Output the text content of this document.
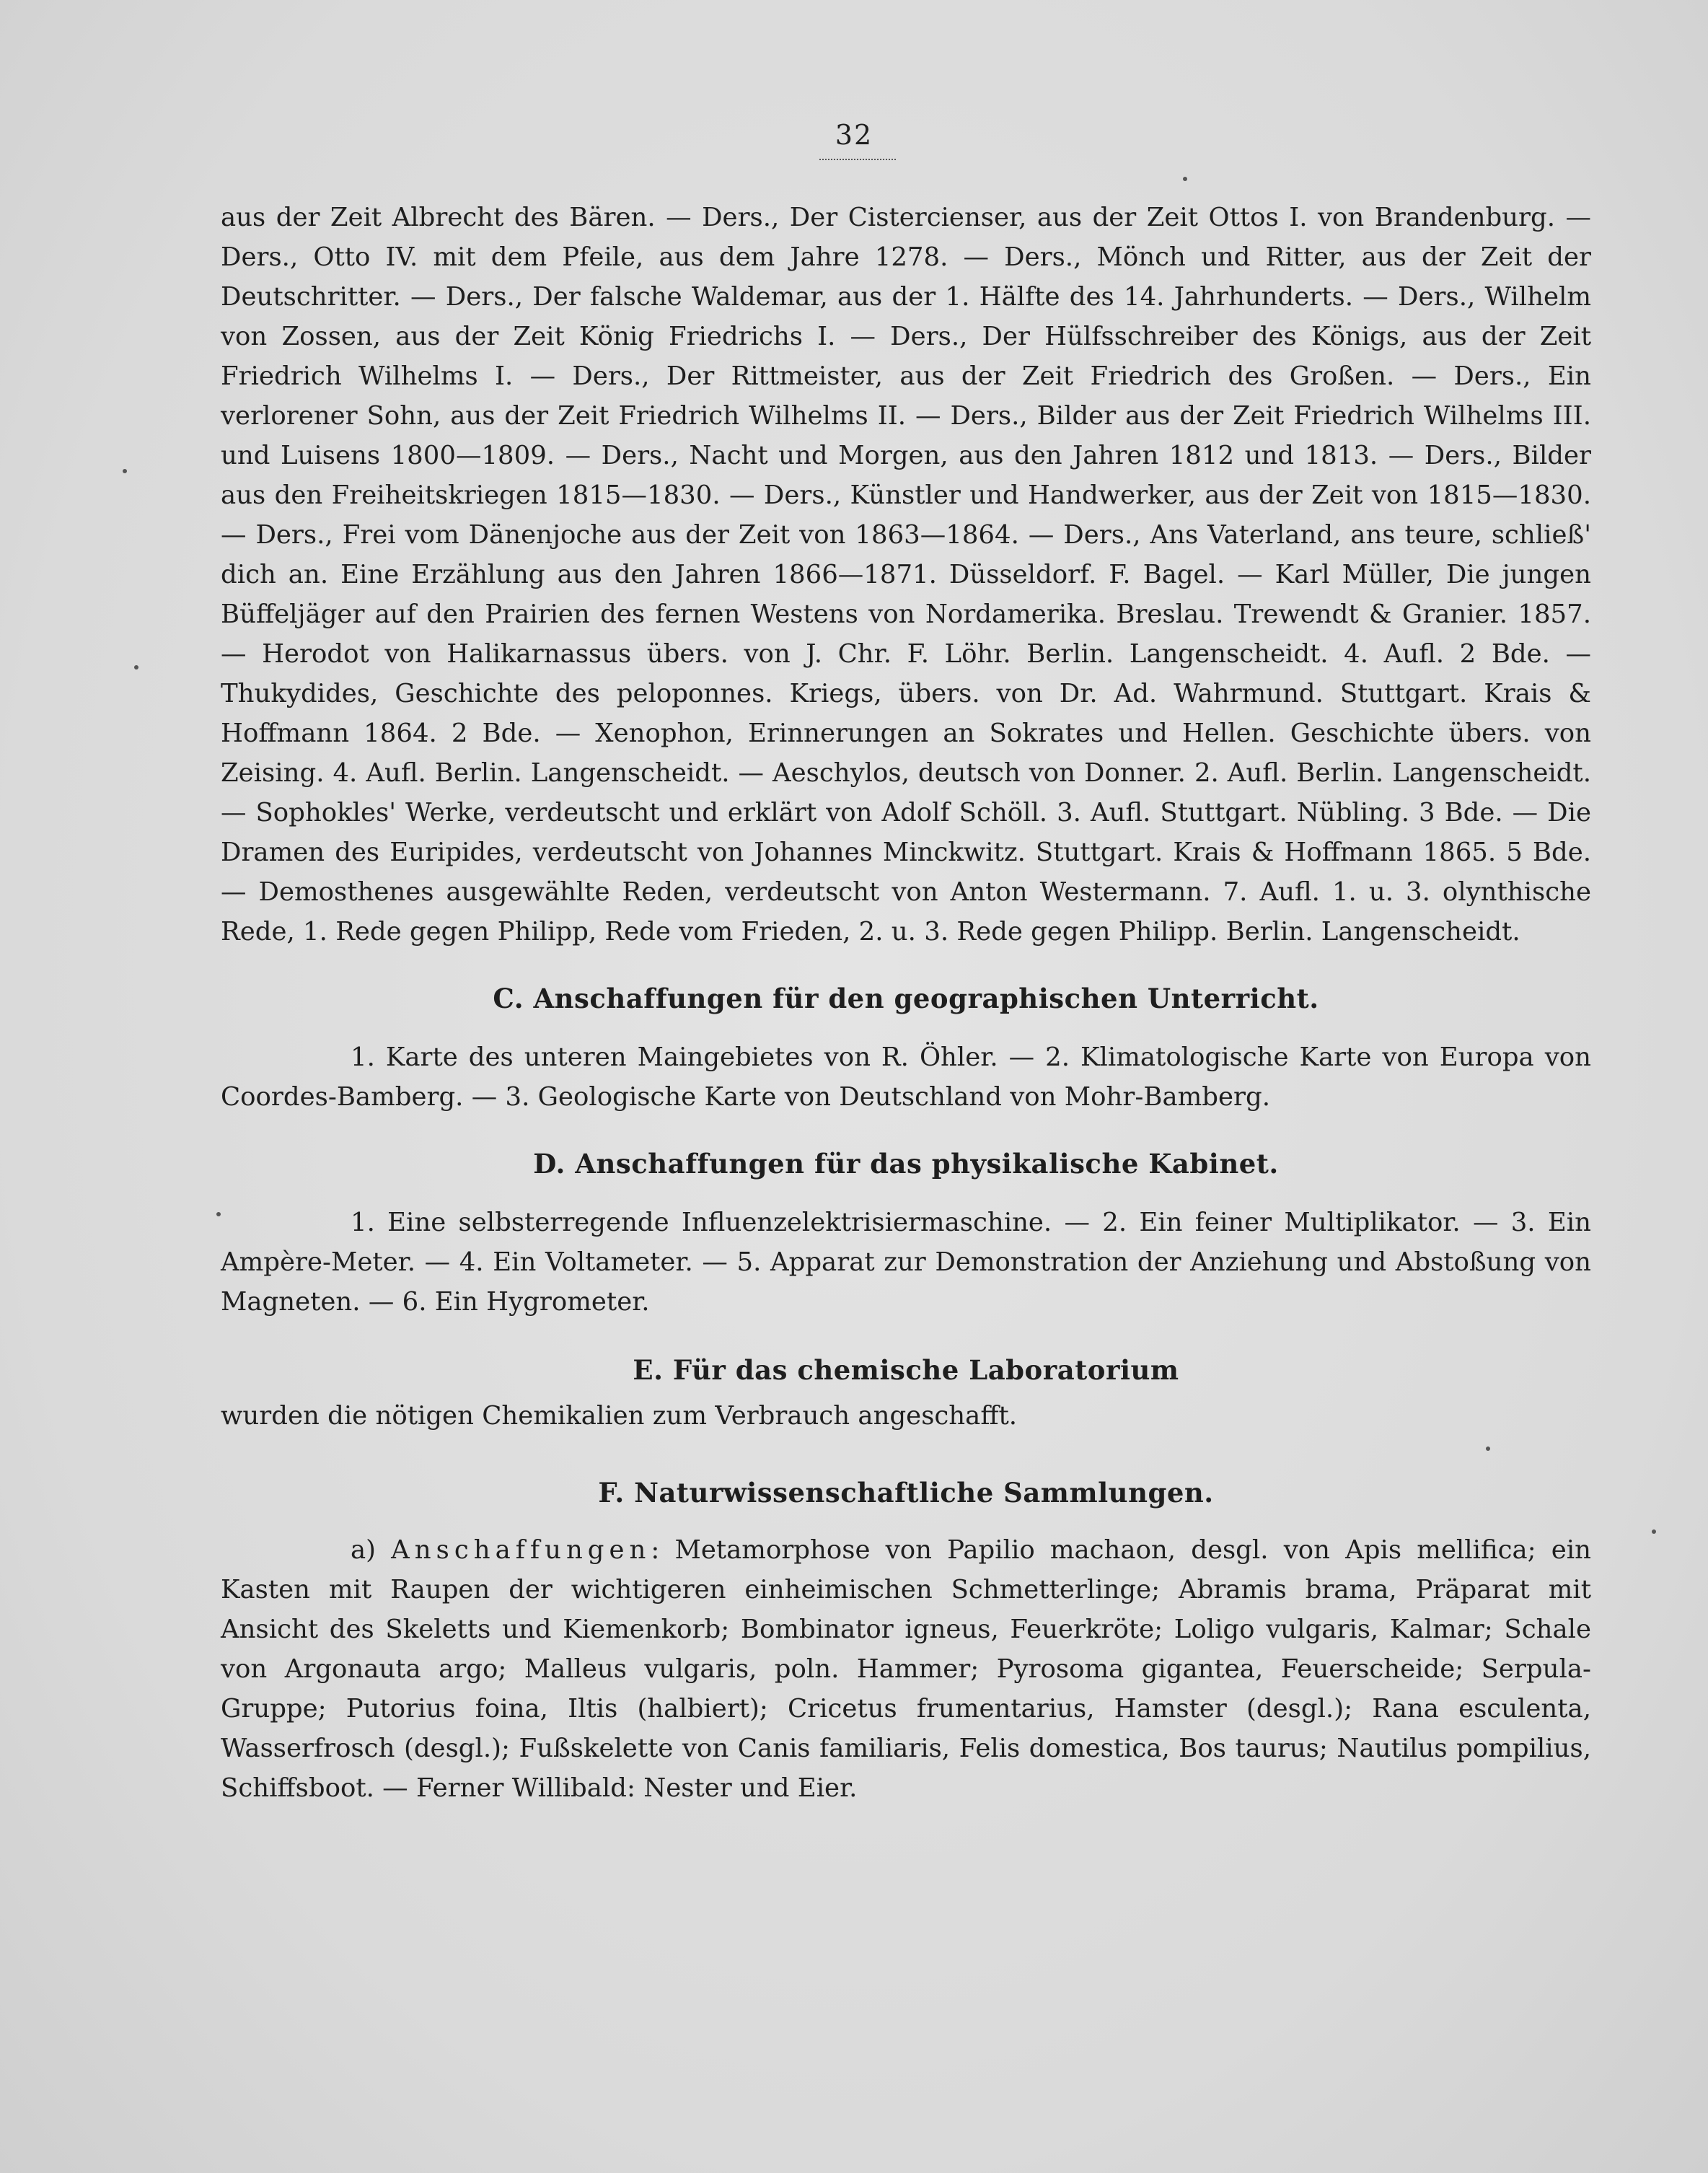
32

aus der Zeit Albrecht des Bären. — Ders., Der Cistercienser, aus der Zeit Ottos I. von Brandenburg. — Ders., Otto IV. mit dem Pfeile, aus dem Jahre 1278. — Ders., Mönch und Ritter, aus der Zeit der Deutschritter. — Ders., Der falsche Waldemar, aus der 1. Hälfte des 14. Jahrhunderts. — Ders., Wilhelm von Zossen, aus der Zeit König Friedrichs I. — Ders., Der Hülfsschreiber des Königs, aus der Zeit Friedrich Wilhelms I. — Ders., Der Rittmeister, aus der Zeit Friedrich des Großen. — Ders., Ein verlorener Sohn, aus der Zeit Friedrich Wilhelms II. — Ders., Bilder aus der Zeit Friedrich Wilhelms III. und Luisens 1800—1809. — Ders., Nacht und Morgen, aus den Jahren 1812 und 1813. — Ders., Bilder aus den Freiheitskriegen 1815—1830. — Ders., Künstler und Handwerker, aus der Zeit von 1815—1830. — Ders., Frei vom Dänenjoche aus der Zeit von 1863—1864. — Ders., Ans Vaterland, ans teure, schließ' dich an. Eine Erzählung aus den Jahren 1866—1871. Düsseldorf. F. Bagel. — Karl Müller, Die jungen Büffeljäger auf den Prairien des fernen Westens von Nordamerika. Breslau. Trewendt & Granier. 1857. — Herodot von Halikarnassus übers. von J. Chr. F. Löhr. Berlin. Langenscheidt. 4. Aufl. 2 Bde. — Thukydides, Geschichte des peloponnes. Kriegs, übers. von Dr. Ad. Wahrmund. Stuttgart. Krais & Hoffmann 1864. 2 Bde. — Xenophon, Erinnerungen an Sokrates und Hellen. Geschichte übers. von Zeising. 4. Aufl. Berlin. Langenscheidt. — Aeschylos, deutsch von Donner. 2. Aufl. Berlin. Langenscheidt. — Sophokles' Werke, verdeutscht und erklärt von Adolf Schöll. 3. Aufl. Stuttgart. Nübling. 3 Bde. — Die Dramen des Euripides, verdeutscht von Johannes Minckwitz. Stuttgart. Krais & Hoffmann 1865. 5 Bde. — Demosthenes ausgewählte Reden, verdeutscht von Anton Westermann. 7. Aufl. 1. u. 3. olynthische Rede, 1. Rede gegen Philipp, Rede vom Frieden, 2. u. 3. Rede gegen Philipp. Berlin. Langenscheidt.

C. Anschaffungen für den geographischen Unterricht.

1. Karte des unteren Maingebietes von R. Öhler. — 2. Klimatologische Karte von Europa von Coordes-Bamberg. — 3. Geologische Karte von Deutschland von Mohr-Bamberg.

D. Anschaffungen für das physikalische Kabinet.

1. Eine selbsterregende Influenzelektrisiermaschine. — 2. Ein feiner Multiplikator. — 3. Ein Ampère-Meter. — 4. Ein Voltameter. — 5. Apparat zur Demonstration der Anziehung und Abstoßung von Magneten. — 6. Ein Hygrometer.

E. Für das chemische Laboratorium

wurden die nötigen Chemikalien zum Verbrauch angeschafft.

F. Naturwissenschaftliche Sammlungen.

a) Anschaffungen: Metamorphose von Papilio machaon, desgl. von Apis mellifica; ein Kasten mit Raupen der wichtigeren einheimischen Schmetterlinge; Abramis brama, Präparat mit Ansicht des Skeletts und Kiemenkorb; Bombinator igneus, Feuerkröte; Loligo vulgaris, Kalmar; Schale von Argonauta argo; Malleus vulgaris, poln. Hammer; Pyrosoma gigantea, Feuerscheide; Serpula-Gruppe; Putorius foina, Iltis (halbiert); Cricetus frumentarius, Hamster (desgl.); Rana esculenta, Wasserfrosch (desgl.); Fußskelette von Canis familiaris, Felis domestica, Bos taurus; Nautilus pompilius, Schiffsboot. — Ferner Willibald: Nester und Eier.
